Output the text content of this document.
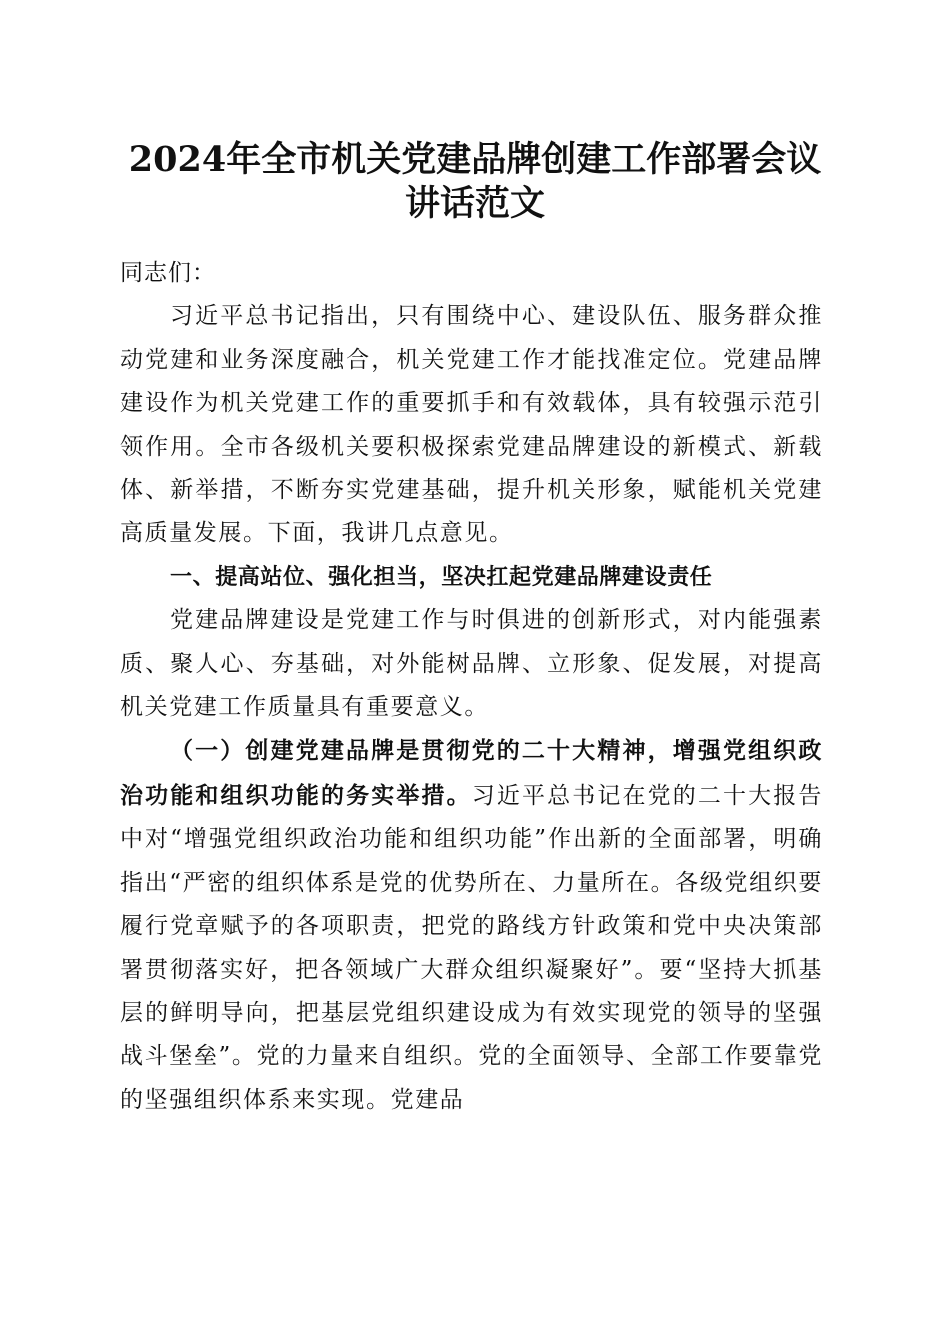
2024年全市机关党建品牌创建工作部署会议
讲话范文

同志们：

习近平总书记指出，只有围绕中心、建设队伍、服务群众推动党建和业务深度融合，机关党建工作才能找准定位。党建品牌建设作为机关党建工作的重要抓手和有效载体，具有较强示范引领作用。全市各级机关要积极探索党建品牌建设的新模式、新载体、新举措，不断夯实党建基础，提升机关形象，赋能机关党建高质量发展。下面，我讲几点意见。

一、提高站位、强化担当，坚决扛起党建品牌建设责任

党建品牌建设是党建工作与时俱进的创新形式，对内能强素质、聚人心、夯基础，对外能树品牌、立形象、促发展，对提高机关党建工作质量具有重要意义。

（一）创建党建品牌是贯彻党的二十大精神，增强党组织政治功能和组织功能的务实举措。习近平总书记在党的二十大报告中对“增强党组织政治功能和组织功能”作出新的全面部署，明确指出“严密的组织体系是党的优势所在、力量所在。各级党组织要履行党章赋予的各项职责，把党的路线方针政策和党中央决策部署贯彻落实好，把各领域广大群众组织凝聚好”。要“坚持大抓基层的鲜明导向，把基层党组织建设成为有效实现党的领导的坚强战斗堡垒”。党的力量来自组织。党的全面领导、全部工作要靠党的坚强组织体系来实现。党建品
